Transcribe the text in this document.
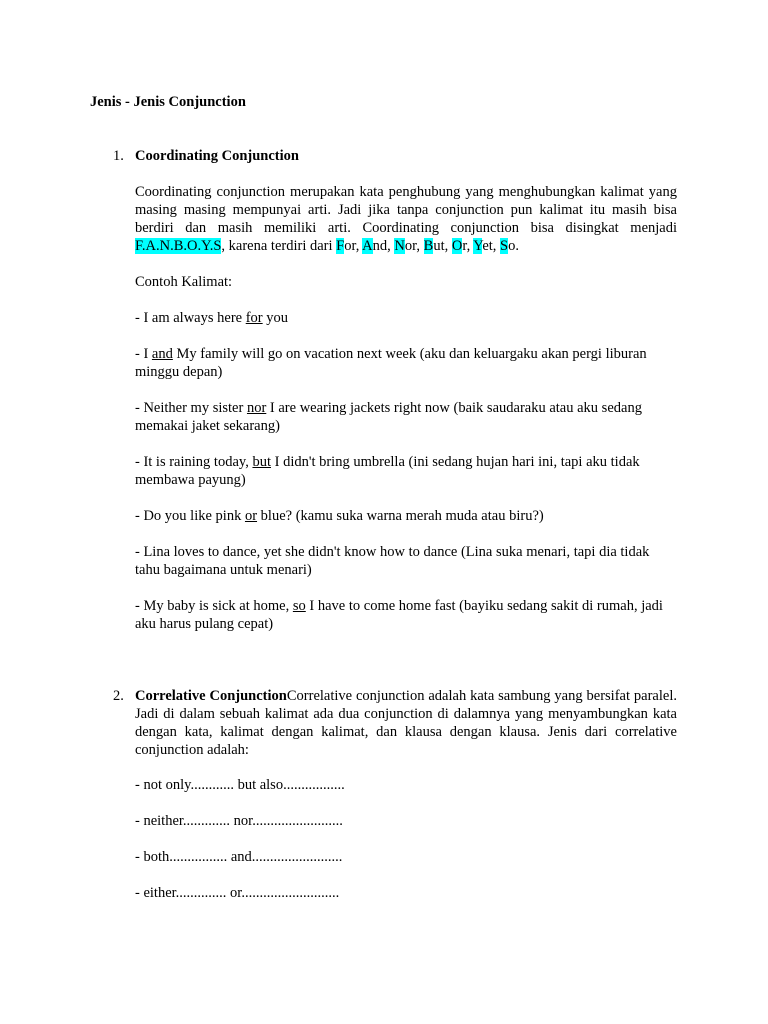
Jenis - Jenis Conjunction
1. Coordinating Conjunction

Coordinating conjunction merupakan kata penghubung yang menghubungkan kalimat yang masing masing mempunyai arti. Jadi jika tanpa conjunction pun kalimat itu masih bisa berdiri dan masih memiliki arti. Coordinating conjunction bisa disingkat menjadi F.A.N.B.O.Y.S, karena terdiri dari For, And, Nor, But, Or, Yet, So.

Contoh Kalimat:

- I am always here for you

- I and My family will go on vacation next week (aku dan keluargaku akan pergi liburan minggu depan)

- Neither my sister nor I are wearing jackets right now (baik saudaraku atau aku sedang memakai jaket sekarang)

- It is raining today, but I didn't bring umbrella (ini sedang hujan hari ini, tapi aku tidak membawa payung)

- Do you like pink or blue? (kamu suka warna merah muda atau biru?)

- Lina loves to dance, yet she didn't know how to dance (Lina suka menari, tapi dia tidak tahu bagaimana untuk menari)

- My baby is sick at home, so I have to come home fast (bayiku sedang sakit di rumah, jadi aku harus pulang cepat)

2. Correlative ConjunctionCorrelative conjunction adalah kata sambung yang bersifat paralel. Jadi di dalam sebuah kalimat ada dua conjunction di dalamnya yang menyambungkan kata dengan kata, kalimat dengan kalimat, dan klausa dengan klausa. Jenis dari correlative conjunction adalah:

- not only............ but also.................

- neither............. nor.........................

- both................ and.........................

- either.............. or...........................
